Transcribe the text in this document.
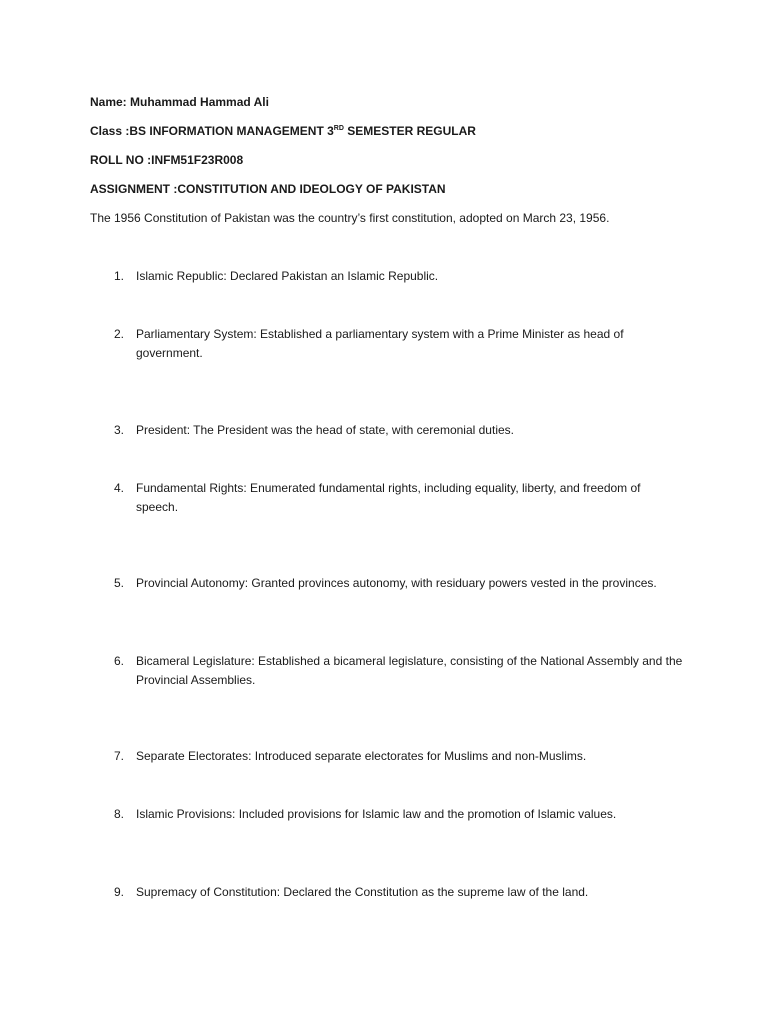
Name: Muhammad Hammad Ali
Class :BS INFORMATION MANAGEMENT 3RD SEMESTER REGULAR
ROLL NO :INFM51F23R008
ASSIGNMENT :CONSTITUTION AND IDEOLOGY OF PAKISTAN
The 1956 Constitution of Pakistan was the country’s first constitution, adopted on March 23, 1956.
1. Islamic Republic: Declared Pakistan an Islamic Republic.
2. Parliamentary System: Established a parliamentary system with a Prime Minister as head of government.
3. President: The President was the head of state, with ceremonial duties.
4. Fundamental Rights: Enumerated fundamental rights, including equality, liberty, and freedom of speech.
5. Provincial Autonomy: Granted provinces autonomy, with residuary powers vested in the provinces.
6. Bicameral Legislature: Established a bicameral legislature, consisting of the National Assembly and the Provincial Assemblies.
7. Separate Electorates: Introduced separate electorates for Muslims and non-Muslims.
8. Islamic Provisions: Included provisions for Islamic law and the promotion of Islamic values.
9. Supremacy of Constitution: Declared the Constitution as the supreme law of the land.
